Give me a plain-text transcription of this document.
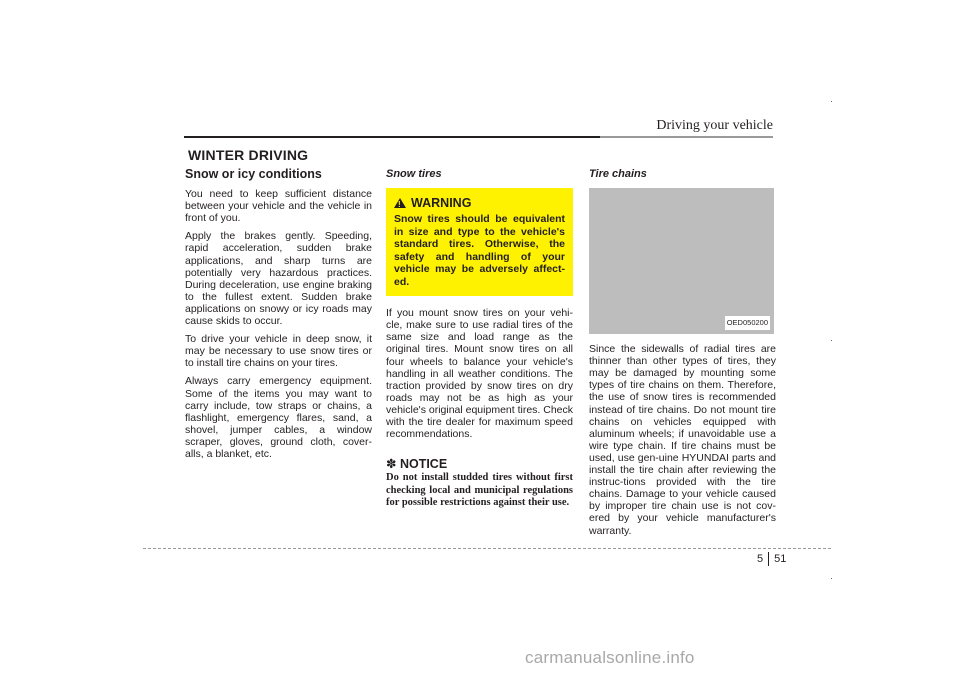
Driving your vehicle
WINTER DRIVING
Snow or icy conditions

You need to keep sufficient distance between your vehicle and the vehicle in front of you.

Apply the brakes gently. Speeding, rapid acceleration, sudden brake applications, and sharp turns are potentially very hazardous practices. During deceleration, use engine braking to the fullest extent. Sudden brake applications on snowy or icy roads may cause skids to occur.

To drive your vehicle in deep snow, it may be necessary to use snow tires or to install tire chains on your tires.

Always carry emergency equipment. Some of the items you may want to carry include, tow straps or chains, a flashlight, emergency flares, sand, a shovel, jumper cables, a window scraper, gloves, ground cloth, cover-alls, a blanket, etc.

Snow tires
!
WARNING
Snow tires should be equivalent in size and type to the vehicle's standard tires. Otherwise, the safety and handling of your vehicle may be adversely affect-ed.

If you mount snow tires on your vehi-cle, make sure to use radial tires of the same size and load range as the original tires. Mount snow tires on all four wheels to balance your vehicle's handling in all weather conditions. The traction provided by snow tires on dry roads may not be as high as your vehicle's original equipment tires. Check with the tire dealer for maximum speed recommendations.

✽ NOTICE
Do not install studded tires without first checking local and municipal regulations for possible restrictions against their use.
Tire chains
OED050200

Since the sidewalls of radial tires are thinner than other types of tires, they may be damaged by mounting some types of tire chains on them. Therefore, the use of snow tires is recommended instead of tire chains. Do not mount tire chains on vehicles equipped with aluminum wheels; if unavoidable use a wire type chain. If tire chains must be used, use gen-uine HYUNDAI parts and install the tire chain after reviewing the instruc-tions provided with the tire chains. Damage to your vehicle caused by improper tire chain use is not cov-ered by your vehicle manufacturer's warranty.

5 51
carmanualsonline.info
